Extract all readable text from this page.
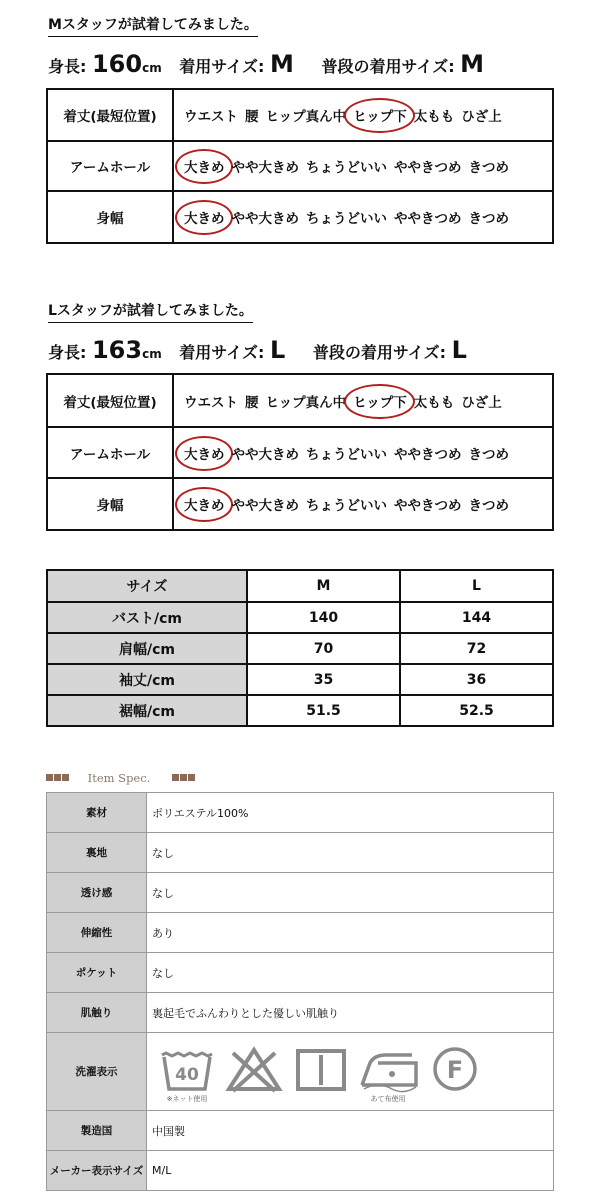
Mスタッフが試着してみました。
身長: 160cm 着用サイズ: M 普段の着用サイズ: M
着丈(最短位置)	ウエスト 腰 ヒップ真ん中 ヒップ下 太もも ひざ上
アームホール	大きめ やや大きめ ちょうどいい ややきつめ きつめ
身幅	大きめ やや大きめ ちょうどいい ややきつめ きつめ
Lスタッフが試着してみました。
身長: 163cm 着用サイズ: L 普段の着用サイズ: L
着丈(最短位置)	ウエスト 腰 ヒップ真ん中 ヒップ下 太もも ひざ上
アームホール	大きめ やや大きめ ちょうどいい ややきつめ きつめ
身幅	大きめ やや大きめ ちょうどいい ややきつめ きつめ
サイズ	M	L
バスト/cm	140	144
肩幅/cm	70	72
袖丈/cm	35	36
裾幅/cm	51.5	52.5
Item Spec.
素材	ポリエステル100%
裏地	なし
透け感	なし
伸縮性	あり
ポケット	なし
肌触り	裏起毛でふんわりとした優しい肌触り
洗濯表示	40
※ネット使用 あて布使用
F

製造国	中国製
メーカー表示サイズ	M/L
